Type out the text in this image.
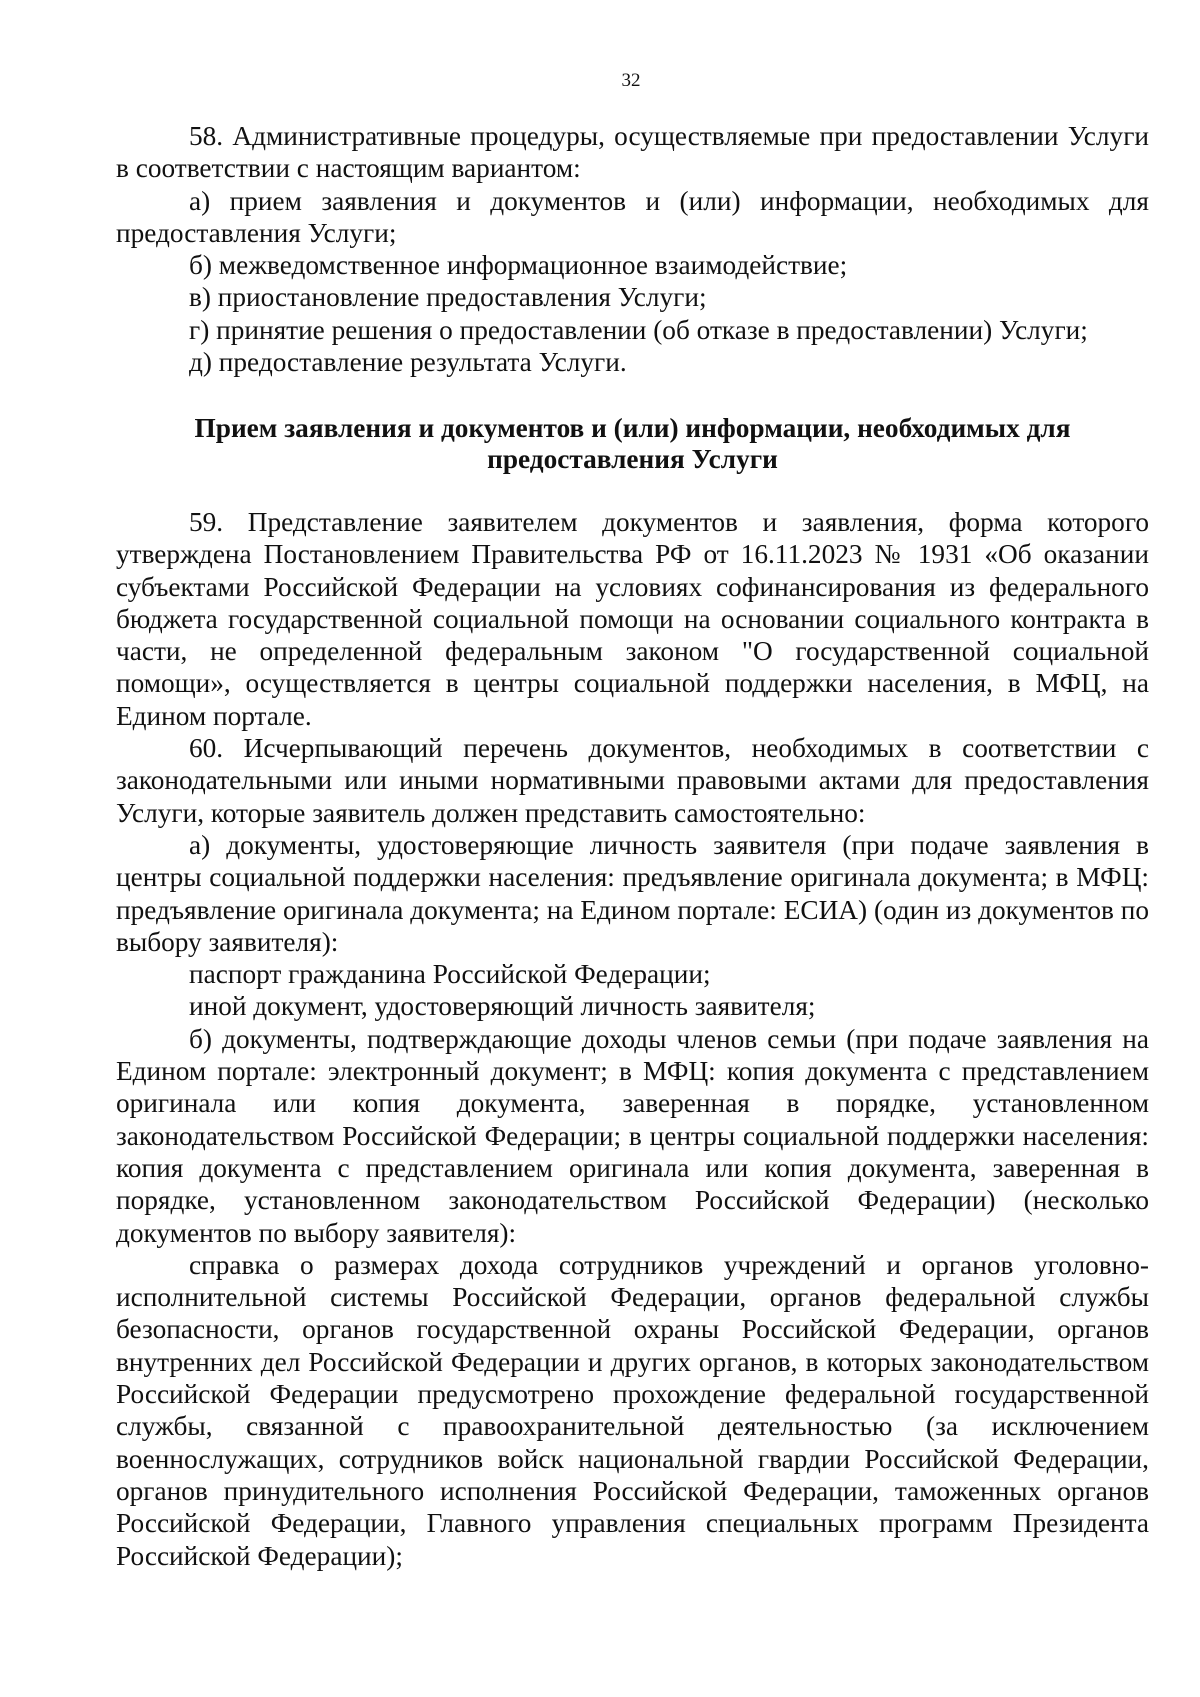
32

58. Административные процедуры, осуществляемые при предоставлении Услуги в соответствии с настоящим вариантом:

а) прием заявления и документов и (или) информации, необходимых для предоставления Услуги;

б) межведомственное информационное взаимодействие;

в) приостановление предоставления Услуги;

г) принятие решения о предоставлении (об отказе в предоставлении) Услуги;

д) предоставление результата Услуги.

Прием заявления и документов и (или) информации, необходимых для предоставления Услуги

59. Представление заявителем документов и заявления, форма которого утверждена Постановлением Правительства РФ от 16.11.2023 № 1931 «Об оказании субъектами Российской Федерации на условиях софинансирования из федерального бюджета государственной социальной помощи на основании социального контракта в части, не определенной федеральным законом "О государственной социальной помощи», осуществляется в центры социальной поддержки населения, в МФЦ, на Едином портале.

60. Исчерпывающий перечень документов, необходимых в соответствии с законодательными или иными нормативными правовыми актами для предоставления Услуги, которые заявитель должен представить самостоятельно:

а) документы, удостоверяющие личность заявителя (при подаче заявления в центры социальной поддержки населения: предъявление оригинала документа; в МФЦ: предъявление оригинала документа; на Едином портале: ЕСИА) (один из документов по выбору заявителя):

паспорт гражданина Российской Федерации;

иной документ, удостоверяющий личность заявителя;

б) документы, подтверждающие доходы членов семьи (при подаче заявления на Едином портале: электронный документ; в МФЦ: копия документа с представлением оригинала или копия документа, заверенная в порядке, установленном законодательством Российской Федерации; в центры социальной поддержки населения: копия документа с представлением оригинала или копия документа, заверенная в порядке, установленном законодательством Российской Федерации) (несколько документов по выбору заявителя):

справка о размерах дохода сотрудников учреждений и органов уголовно-исполнительной системы Российской Федерации, органов федеральной службы безопасности, органов государственной охраны Российской Федерации, органов внутренних дел Российской Федерации и других органов, в которых законодательством Российской Федерации предусмотрено прохождение федеральной государственной службы, связанной с правоохранительной деятельностью (за исключением военнослужащих, сотрудников войск национальной гвардии Российской Федерации, органов принудительного исполнения Российской Федерации, таможенных органов Российской Федерации, Главного управления специальных программ Президента Российской Федерации);
